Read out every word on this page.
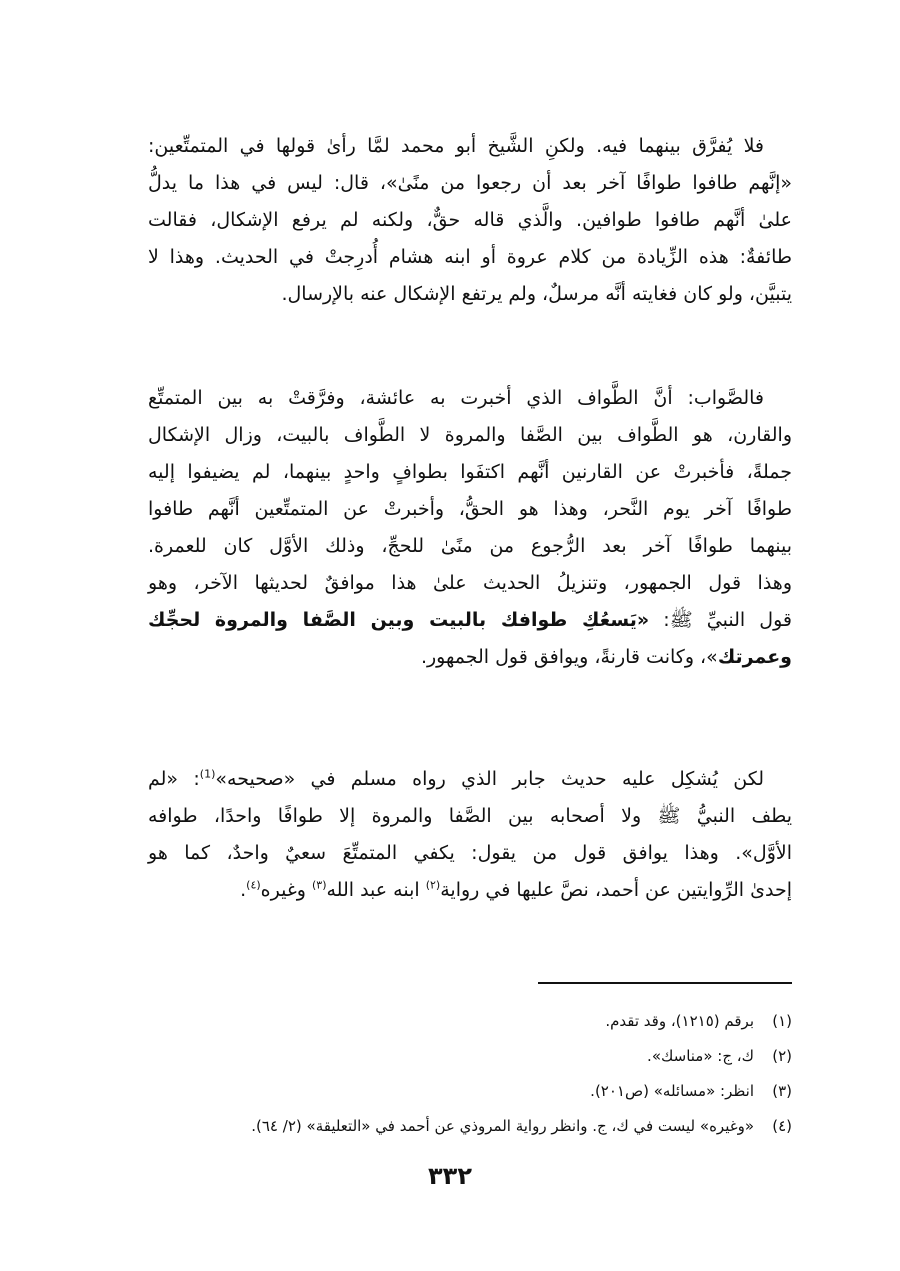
فلا يُفرَّق بينهما فيه. ولكنِ الشَّيخ أبو محمد لمَّا رأىٰ قولها في المتمتِّعين:
«إنَّهم طافوا طوافًا آخر بعد أن رجعوا من منًىٰ»، قال: ليس في هذا ما يدلُّ
علىٰ أنَّهم طافوا طوافين. والَّذي قاله حقٌّ، ولكنه لم يرفع الإشكال، فقالت
طائفةٌ: هذه الزِّيادة من كلام عروة أو ابنه هشام أُدرِجتْ في الحديث. وهذا لا
يتبيَّن، ولو كان فغايته أنَّه مرسلٌ، ولم يرتفع الإشكال عنه بالإرسال.
فالصَّواب: أنَّ الطَّواف الذي أخبرت به عائشة، وفرَّقتْ به بين المتمتِّع
والقارن، هو الطَّواف بين الصَّفا والمروة لا الطَّواف بالبيت، وزال الإشكال
جملةً، فأخبرتْ عن القارنين أنَّهم اكتفَوا بطوافٍ واحدٍ بينهما، لم يضيفوا إليه
طوافًا آخر يوم النَّحر، وهذا هو الحقُّ، وأخبرتْ عن المتمتِّعين أنَّهم طافوا
بينهما طوافًا آخر بعد الرُّجوع من منًىٰ للحجِّ، وذلك الأوَّل كان للعمرة.
وهذا قول الجمهور، وتنزيلُ الحديث علىٰ هذا موافقٌ لحديثها الآخر، وهو
قول النبيِّ ﷺ: «يَسعُكِ طوافك بالبيت وبين الصَّفا والمروة لحجِّك
وعمرتك»، وكانت قارنةً، ويوافق قول الجمهور.
لكن يُشكِل عليه حديث جابر الذي رواه مسلم في «صحيحه»$^{(1)}$: «لم
يطف النبيُّ ﷺ ولا أصحابه بين الصَّفا والمروة إلا طوافًا واحدًا، طوافه
الأوَّل». وهذا يوافق قول من يقول: يكفي المتمتِّعَ سعيٌ واحدٌ، كما هو
إحدىٰ الرِّوايتين عن أحمد، نصَّ عليها في رواية$^{(٢)}$ ابنه عبد الله$^{(٣)}$ وغيره$^{(٤)}$.
(١)برقم (١٢١٥)، وقد تقدم.
(٢)ك، ج: «مناسك».
(٣)انظر: «مسائله» (ص٢٠١).
(٤)«وغيره» ليست في ك، ج. وانظر رواية المروذي عن أحمد في «التعليقة» (٢/ ٦٤).
٣٣٢
